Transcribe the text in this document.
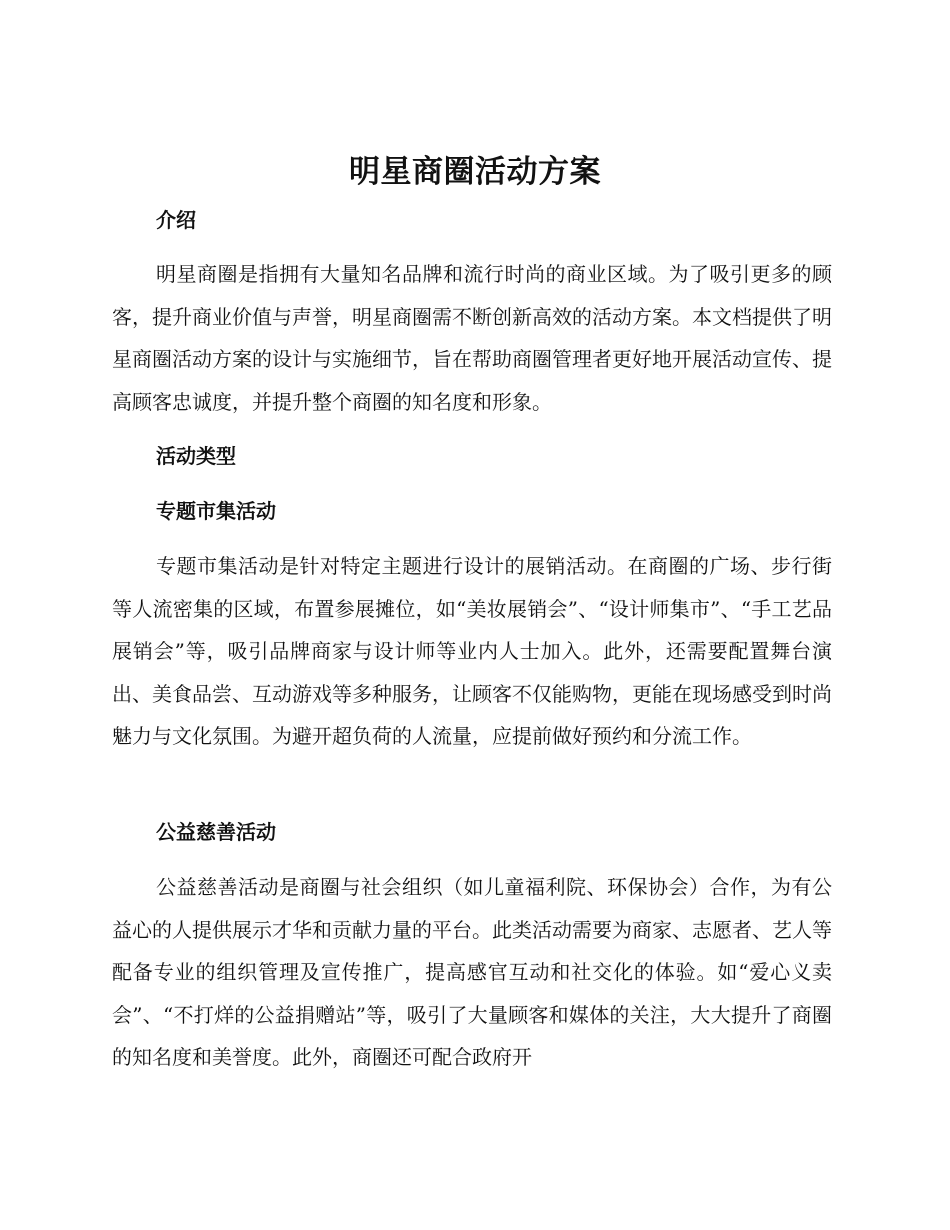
明星商圈活动方案
介绍
明星商圈是指拥有大量知名品牌和流行时尚的商业区域。为了吸引更多的顾客，提升商业价值与声誉，明星商圈需不断创新高效的活动方案。本文档提供了明星商圈活动方案的设计与实施细节，旨在帮助商圈管理者更好地开展活动宣传、提高顾客忠诚度，并提升整个商圈的知名度和形象。
活动类型
专题市集活动
专题市集活动是针对特定主题进行设计的展销活动。在商圈的广场、步行街等人流密集的区域，布置参展摊位，如“美妆展销会”、“设计师集市”、“手工艺品展销会”等，吸引品牌商家与设计师等业内人士加入。此外，还需要配置舞台演出、美食品尝、互动游戏等多种服务，让顾客不仅能购物，更能在现场感受到时尚魅力与文化氛围。为避开超负荷的人流量，应提前做好预约和分流工作。
公益慈善活动
公益慈善活动是商圈与社会组织（如儿童福利院、环保协会）合作，为有公益心的人提供展示才华和贡献力量的平台。此类活动需要为商家、志愿者、艺人等配备专业的组织管理及宣传推广，提高感官互动和社交化的体验。如“爱心义卖会”、“不打烊的公益捐赠站”等，吸引了大量顾客和媒体的关注，大大提升了商圈的知名度和美誉度。此外，商圈还可配合政府开
